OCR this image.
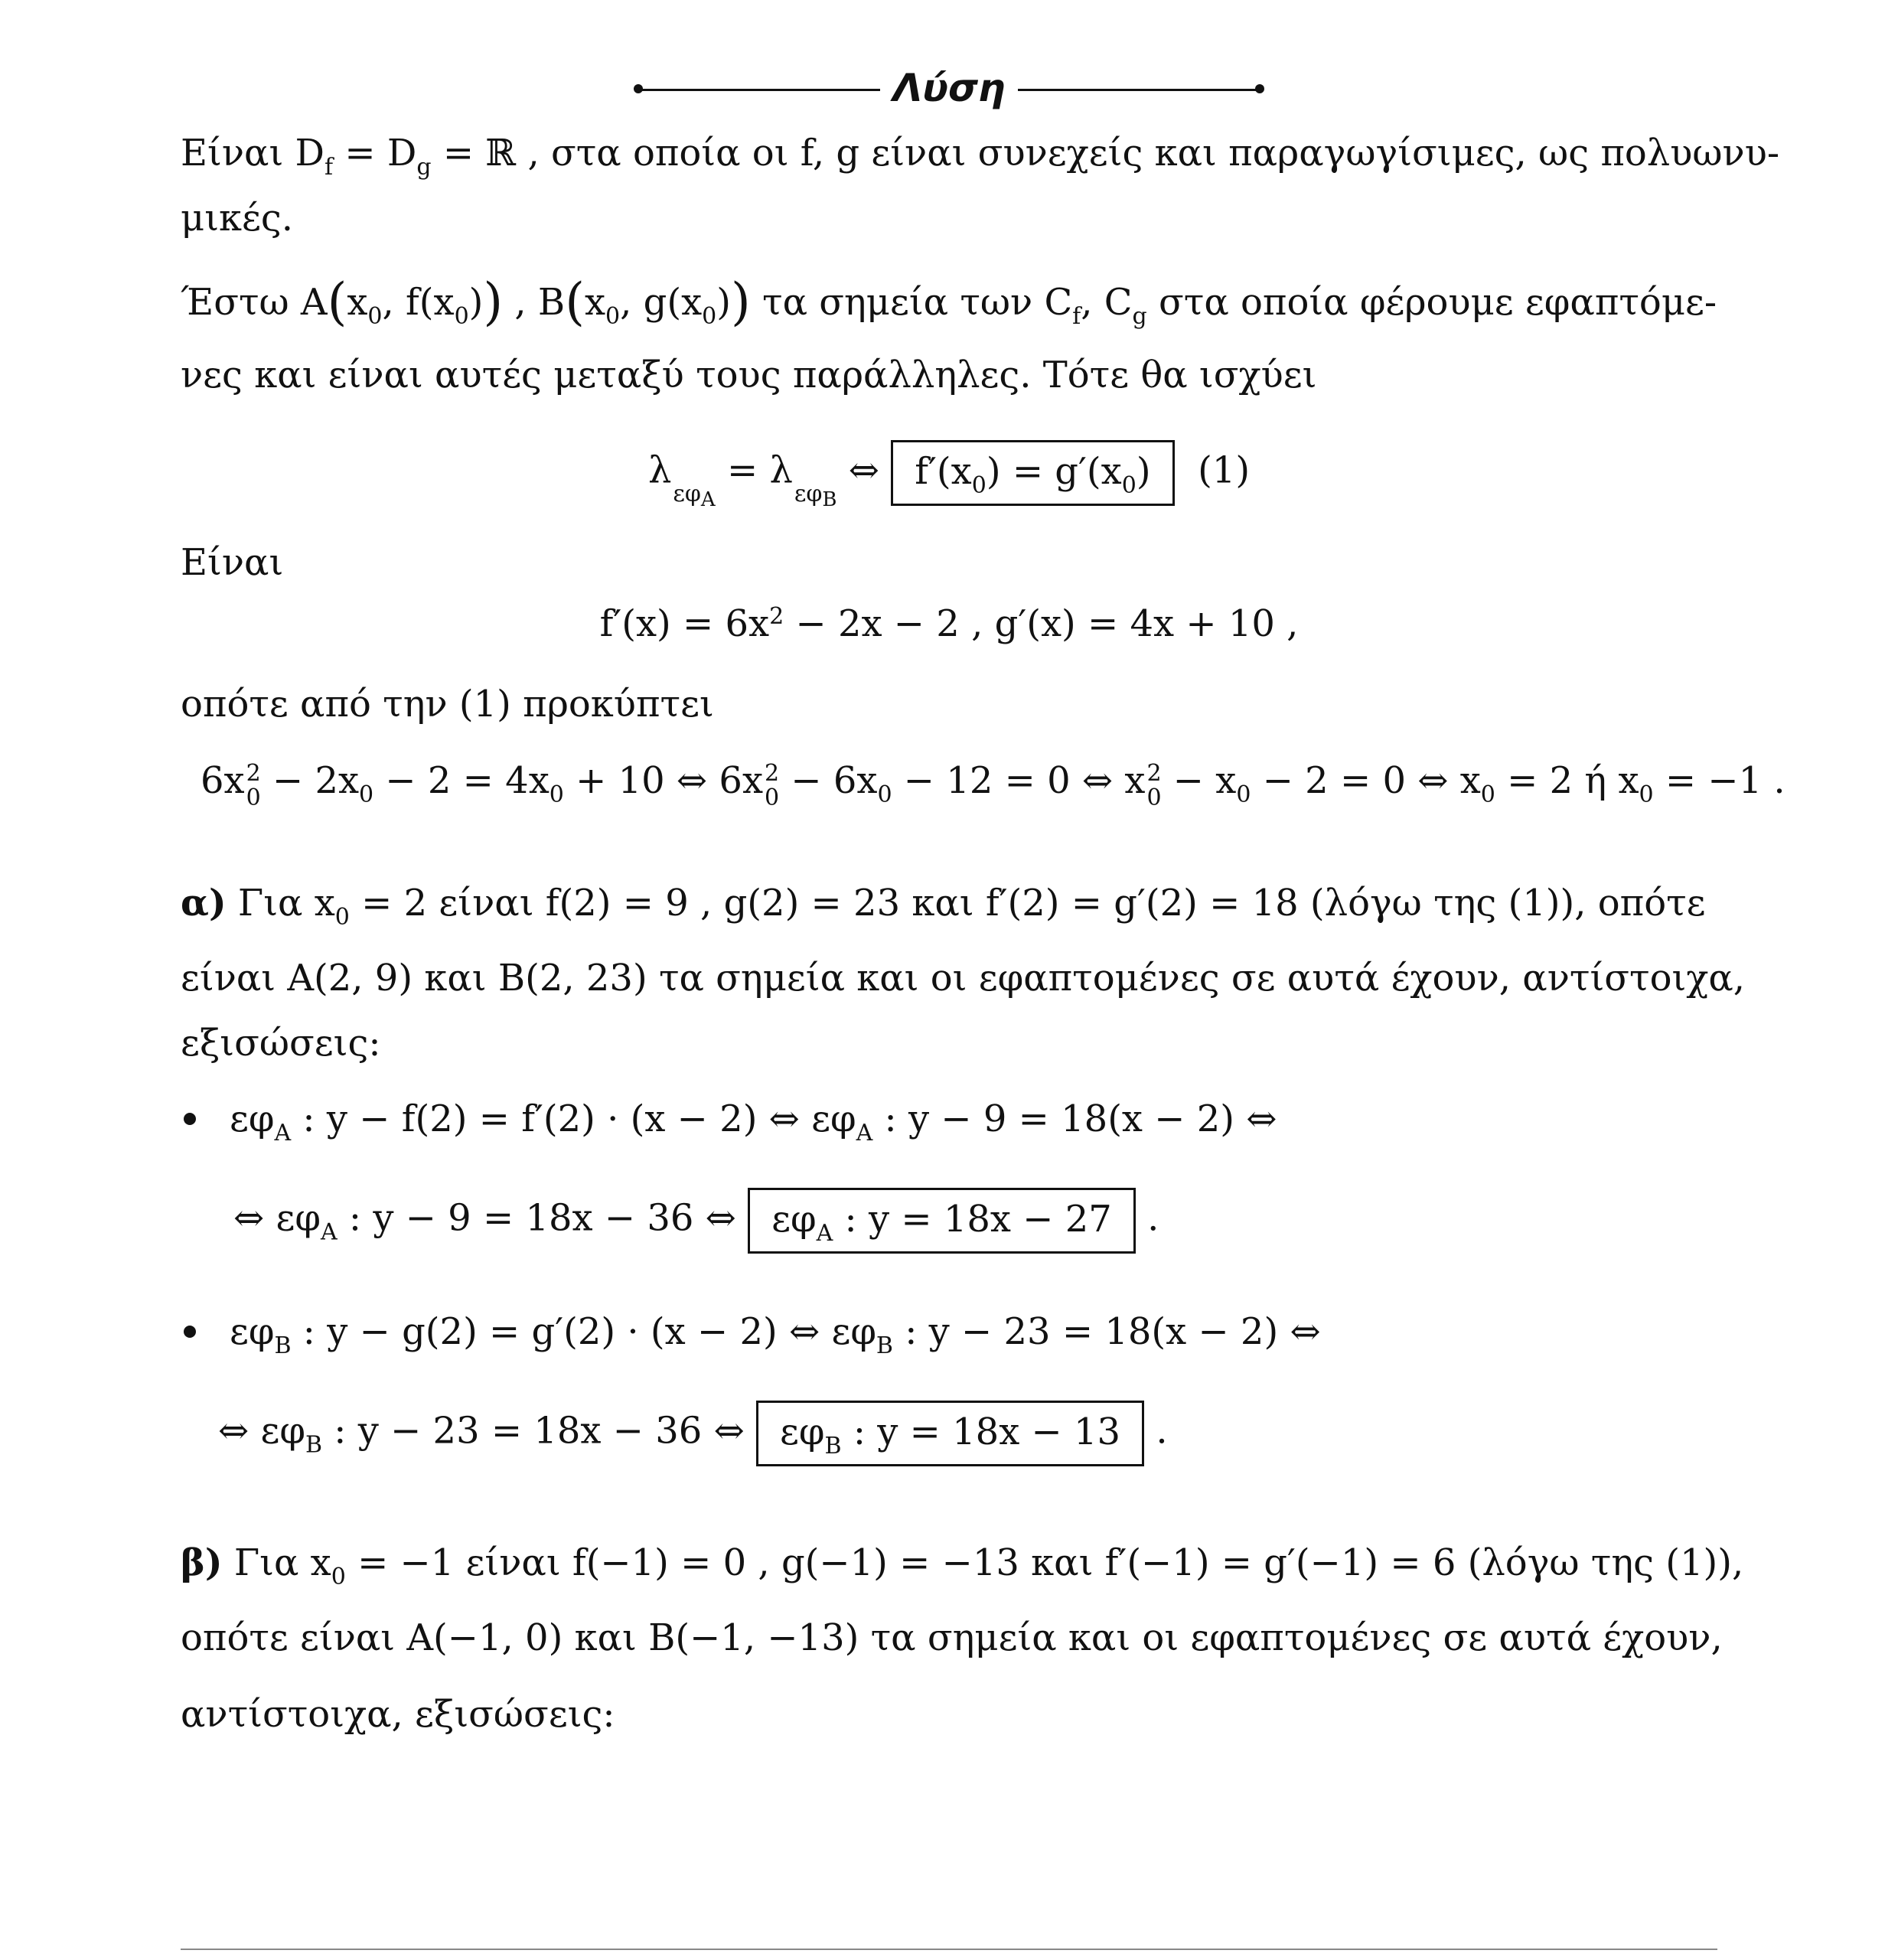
Λύση
Είναι $D_f = D_g$ = ℝ , στα οποία οι f, g είναι συνεχείς και παραγωγίσιμες, ως πολυωνυ-
μικές.
Έστω $A(x_0$, $f(x_0)$) , $B(x_0$, $g(x_0)$) τα σημεία των $C_f$, $C_g$ στα οποία φέρουμε εφαπτόμε-
νες και είναι αυτές μεταξύ τους παράλληλες. Τότε θα ισχύει
λ
εφA
= λ
εφB
⇔ $f'(x_0) = g'(x_0)$ (1)
Είναι
$f'(x) = 6x^2 - 2x - 2$ , g′(x) = 4x + 10 ,
οπότε από την (1) προκύπτει
6x 2
$0 - 2x_0 - 2 = 4x_0 + 10$ ⇔ 6x 2
$0 - 6x_0 - 12 = 0$ ⇔ x 2
$0 - x_0 - 2 = 0$ ⇔ $x_0 = 2$ ή $x_0 = -1$ .
α) Για $x_0 = 2$ είναι f(2) = 9 , g(2) = 23 και f′(2) = g′(2) = 18 (λόγω της (1)), οπότε
είναι A(2, 9) και B(2, 23) τα σημεία και οι εφαπτομένες σε αυτά έχουν, αντίστοιχα,
εξισώσεις:
$\varepsilon\varphi_A$ : y − f(2) = f′(2) · (x − 2) ⇔ $\varepsilon\varphi_A$ : y − 9 = 18(x − 2) ⇔
⇔ $\varepsilon\varphi_A$ : y − 9 = 18x − 36 ⇔ $\varepsilon\varphi_A$ : y = 18x − 27 .
$\varepsilon\varphi_B$ : y − g(2) = g′(2) · (x − 2) ⇔ $\varepsilon\varphi_B$ : y − 23 = 18(x − 2) ⇔
⇔ $\varepsilon\varphi_B$ : y − 23 = 18x − 36 ⇔ $\varepsilon\varphi_B$ : y = 18x − 13 .
β) Για $x_0 = -1$ είναι f(−1) = 0 , g(−1) = −13 και f′(−1) = g′(−1) = 6 (λόγω της (1)),
οπότε είναι A(−1, 0) και B(−1, −13) τα σημεία και οι εφαπτομένες σε αυτά έχουν,
αντίστοιχα, εξισώσεις:
